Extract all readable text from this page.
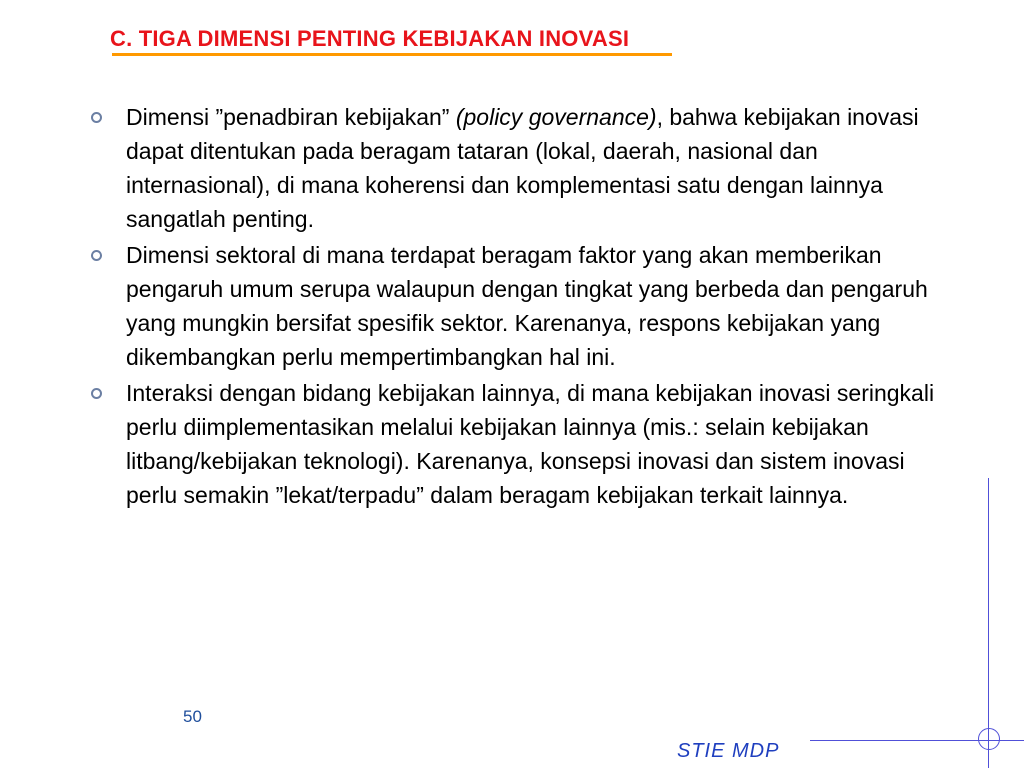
C. TIGA DIMENSI PENTING KEBIJAKAN INOVASI
Dimensi ”penadbiran kebijakan” (policy governance), bahwa kebijakan inovasi dapat ditentukan pada beragam tataran (lokal, daerah, nasional dan internasional), di mana koherensi dan komplementasi satu dengan lainnya sangatlah penting.
Dimensi sektoral di mana terdapat beragam faktor yang akan memberikan pengaruh umum serupa walaupun dengan tingkat yang berbeda dan pengaruh yang mungkin bersifat spesifik sektor. Karenanya, respons kebijakan yang dikembangkan perlu mempertimbangkan hal ini.
Interaksi dengan bidang kebijakan lainnya, di mana kebijakan inovasi seringkali perlu diimplementasikan melalui kebijakan lainnya (mis.: selain kebijakan litbang/kebijakan teknologi). Karenanya, konsepsi inovasi dan sistem inovasi perlu semakin ”lekat/terpadu” dalam beragam kebijakan terkait lainnya.
50
STIE MDP
